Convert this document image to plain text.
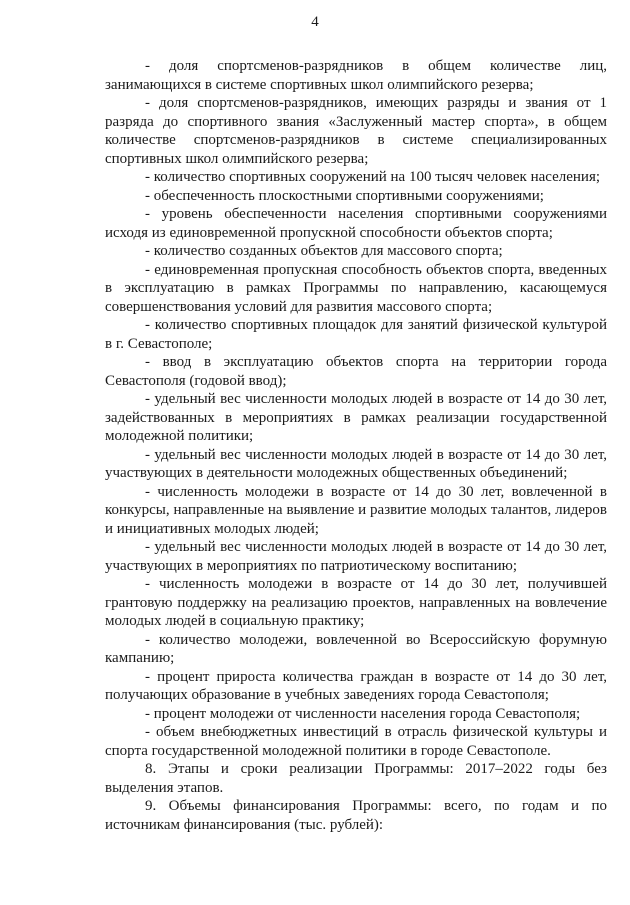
4

- доля спортсменов-разрядников в общем количестве лиц, занимающихся в системе спортивных школ олимпийского резерва;

- доля спортсменов-разрядников, имеющих разряды и звания от 1 разряда до спортивного звания «Заслуженный мастер спорта», в общем количестве спортсменов-разрядников в системе специализированных спортивных школ олимпийского резерва;

- количество спортивных сооружений на 100 тысяч человек населения;

- обеспеченность плоскостными спортивными сооружениями;

- уровень обеспеченности населения спортивными сооружениями исходя из единовременной пропускной способности объектов спорта;

- количество созданных объектов для массового спорта;

- единовременная пропускная способность объектов спорта, введенных в эксплуатацию в рамках Программы по направлению, касающемуся совершенствования условий для развития массового спорта;

- количество спортивных площадок для занятий физической культурой в г. Севастополе;

- ввод в эксплуатацию объектов спорта на территории города Севастополя (годовой ввод);

- удельный вес численности молодых людей в возрасте от 14 до 30 лет, задействованных в мероприятиях в рамках реализации государственной молодежной политики;

- удельный вес численности молодых людей в возрасте от 14 до 30 лет, участвующих в деятельности молодежных общественных объединений;

- численность молодежи в возрасте от 14 до 30 лет, вовлеченной в конкурсы, направленные на выявление и развитие молодых талантов, лидеров и инициативных молодых людей;

- удельный вес численности молодых людей в возрасте от 14 до 30 лет, участвующих в мероприятиях по патриотическому воспитанию;

- численность молодежи в возрасте от 14 до 30 лет, получившей грантовую поддержку на реализацию проектов, направленных на вовлечение молодых людей в социальную практику;

- количество молодежи, вовлеченной во Всероссийскую форумную кампанию;

- процент прироста количества граждан в возрасте от 14 до 30 лет, получающих образование в учебных заведениях города Севастополя;

- процент молодежи от численности населения города Севастополя;

- объем внебюджетных инвестиций в отрасль физической культуры и спорта государственной молодежной политики в городе Севастополе.

8. Этапы и сроки реализации Программы: 2017–2022 годы без выделения этапов.

9. Объемы финансирования Программы: всего, по годам и по источникам финансирования (тыс. рублей):
